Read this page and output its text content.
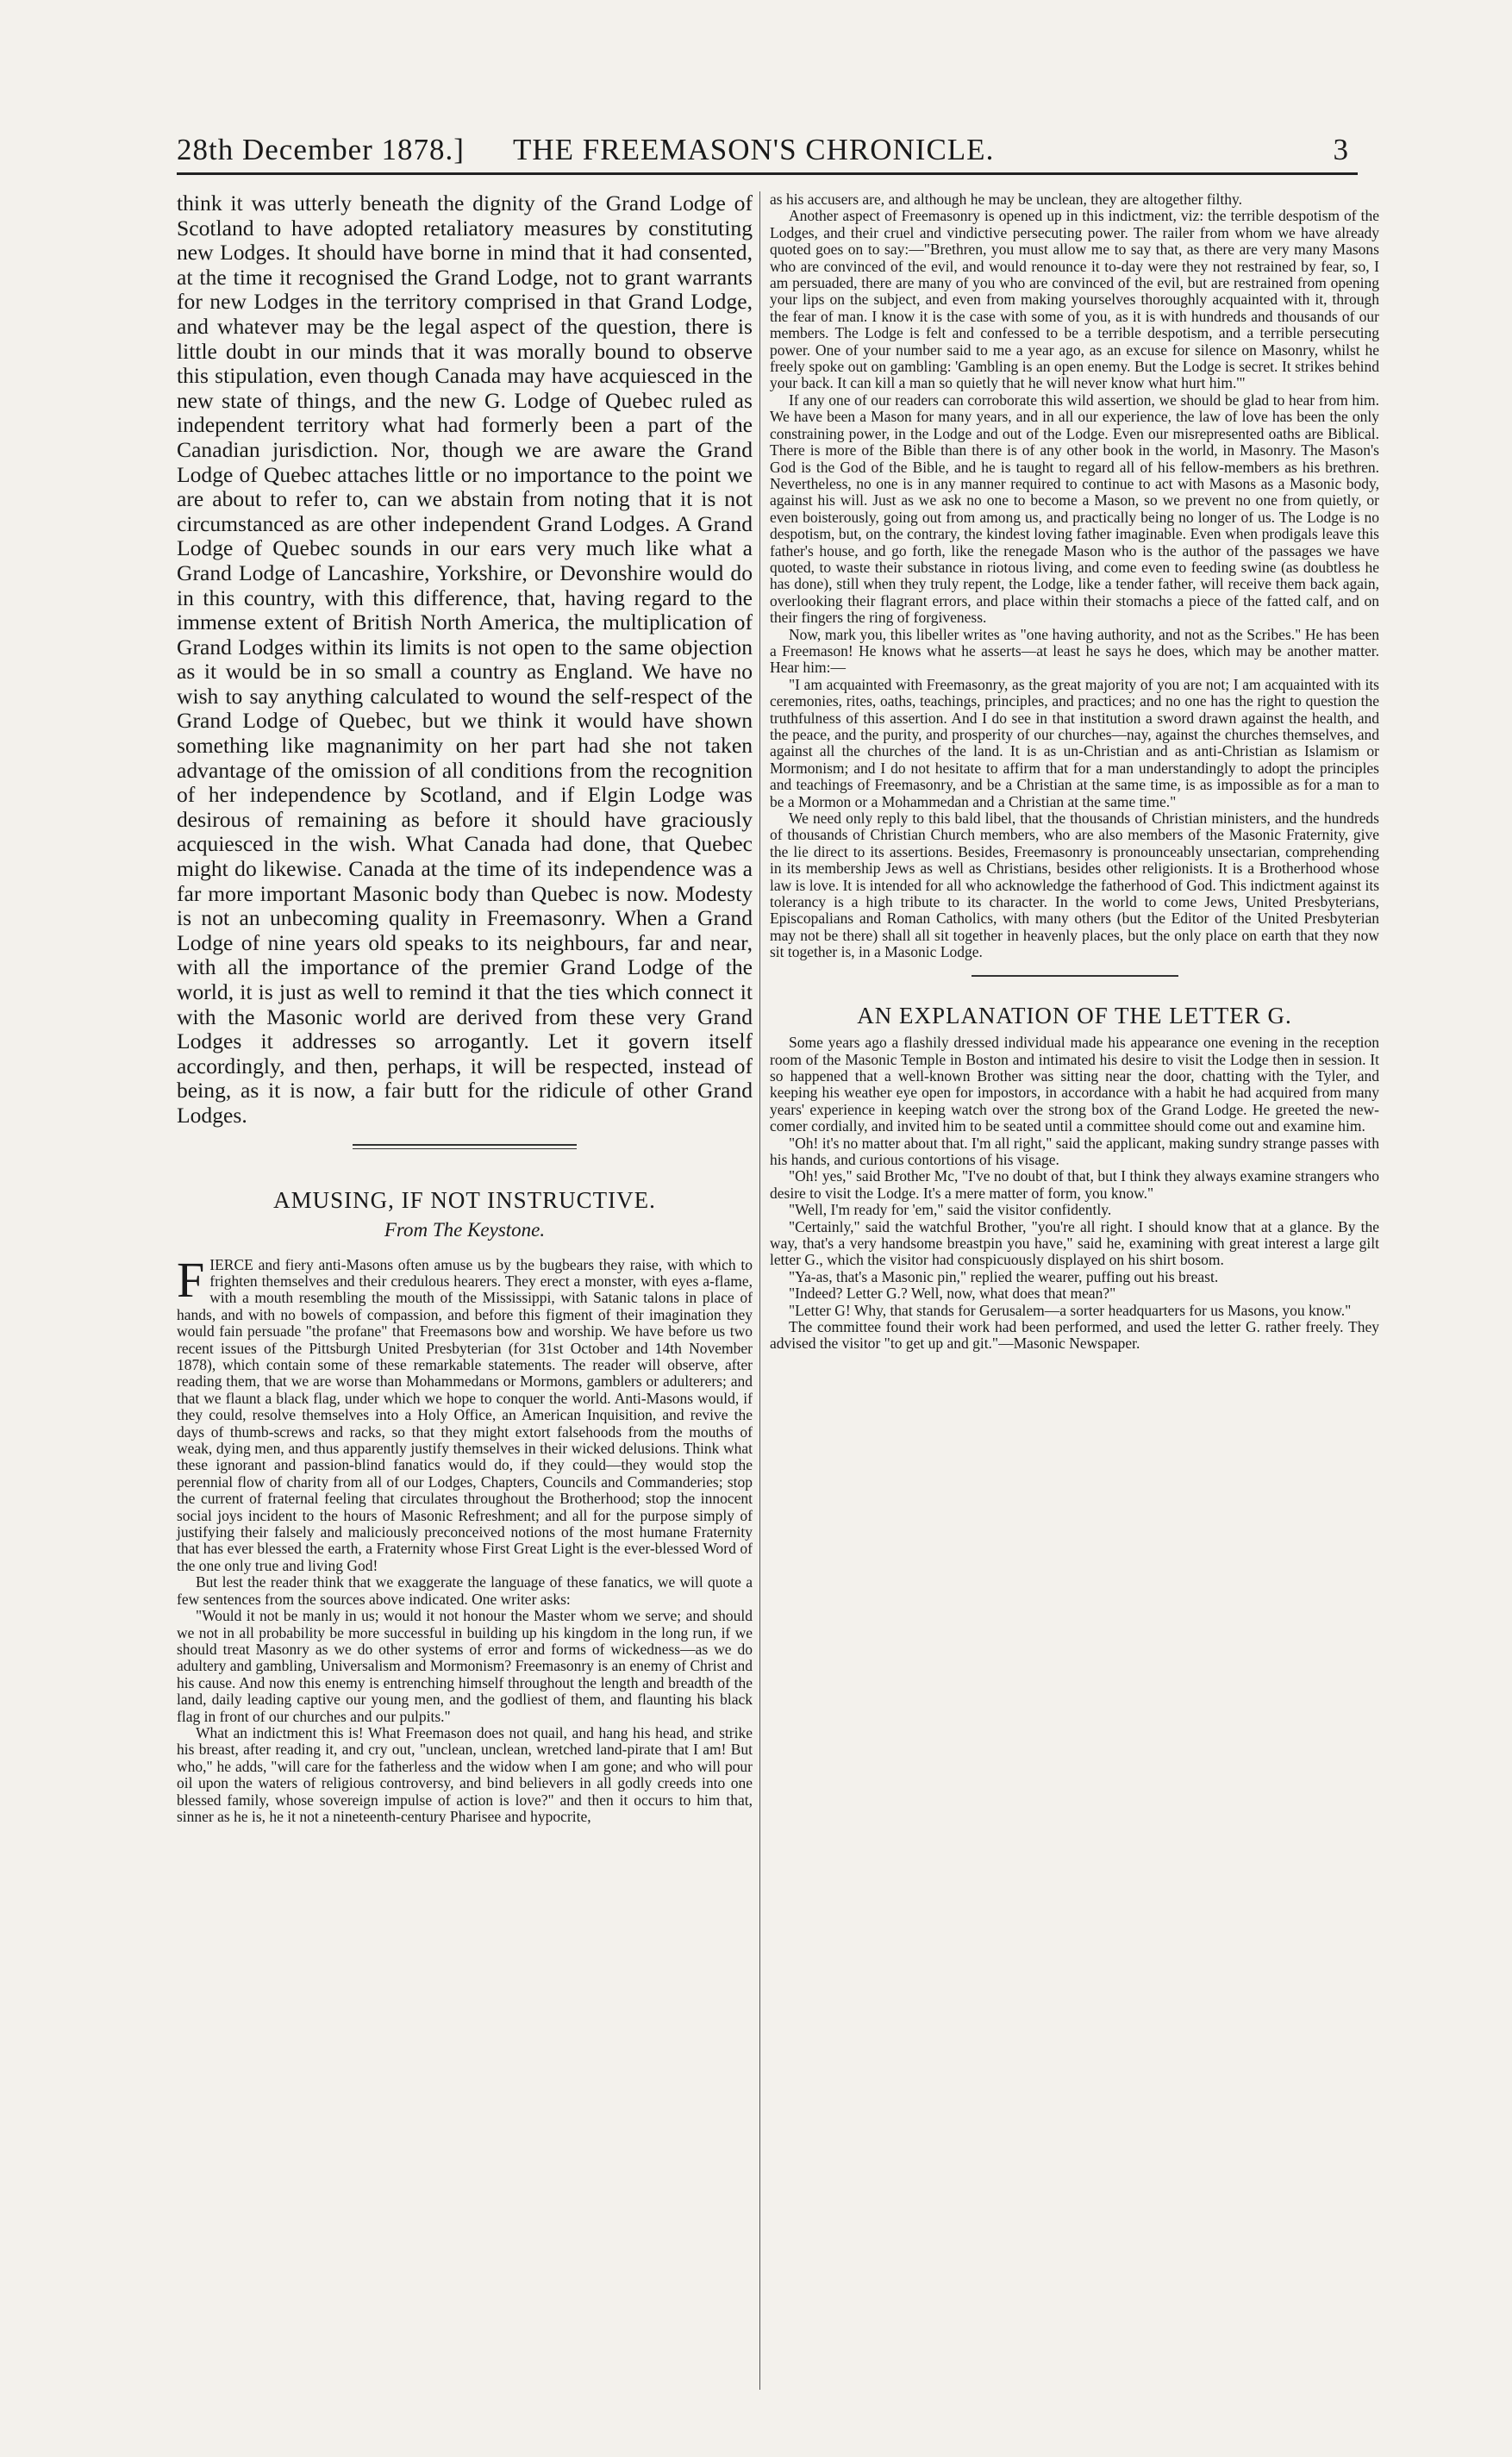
28th December 1878.] THE FREEMASON'S CHRONICLE.	3

think it was utterly beneath the dignity of the Grand Lodge of Scotland to have adopted retaliatory measures by constituting new Lodges. It should have borne in mind that it had consented, at the time it recognised the Grand Lodge, not to grant warrants for new Lodges in the territory comprised in that Grand Lodge, and whatever may be the legal aspect of the question, there is little doubt in our minds that it was morally bound to observe this stipulation, even though Canada may have acquiesced in the new state of things, and the new G. Lodge of Quebec ruled as independent territory what had formerly been a part of the Canadian jurisdiction. Nor, though we are aware the Grand Lodge of Quebec attaches little or no importance to the point we are about to refer to, can we abstain from noting that it is not circumstanced as are other independent Grand Lodges. A Grand Lodge of Quebec sounds in our ears very much like what a Grand Lodge of Lancashire, Yorkshire, or Devonshire would do in this country, with this difference, that, having regard to the immense extent of British North America, the multiplication of Grand Lodges within its limits is not open to the same objection as it would be in so small a country as England. We have no wish to say anything calculated to wound the self-respect of the Grand Lodge of Quebec, but we think it would have shown something like magnanimity on her part had she not taken advantage of the omission of all conditions from the recognition of her independence by Scotland, and if Elgin Lodge was desirous of remaining as before it should have graciously acquiesced in the wish. What Canada had done, that Quebec might do likewise. Canada at the time of its independence was a far more important Masonic body than Quebec is now. Modesty is not an unbecoming quality in Freemasonry. When a Grand Lodge of nine years old speaks to its neighbours, far and near, with all the importance of the premier Grand Lodge of the world, it is just as well to remind it that the ties which connect it with the Masonic world are derived from these very Grand Lodges it addresses so arrogantly. Let it govern itself accordingly, and then, perhaps, it will be respected, instead of being, as it is now, a fair butt for the ridicule of other Grand Lodges.

AMUSING, IF NOT INSTRUCTIVE.
From The Keystone.

FIERCE and fiery anti-Masons often amuse us by the bugbears they raise, with which to frighten themselves and their credulous hearers. They erect a monster, with eyes a-flame, with a mouth resembling the mouth of the Mississippi, with Satanic talons in place of hands, and with no bowels of compassion, and before this figment of their imagination they would fain persuade "the profane" that Freemasons bow and worship. We have before us two recent issues of the Pittsburgh United Presbyterian (for 31st October and 14th November 1878), which contain some of these remarkable statements. The reader will observe, after reading them, that we are worse than Mohammedans or Mormons, gamblers or adulterers; and that we flaunt a black flag, under which we hope to conquer the world. Anti-Masons would, if they could, resolve themselves into a Holy Office, an American Inquisition, and revive the days of thumb-screws and racks, so that they might extort falsehoods from the mouths of weak, dying men, and thus apparently justify themselves in their wicked delusions. Think what these ignorant and passion-blind fanatics would do, if they could—they would stop the perennial flow of charity from all of our Lodges, Chapters, Councils and Commanderies; stop the current of fraternal feeling that circulates throughout the Brotherhood; stop the innocent social joys incident to the hours of Masonic Refreshment; and all for the purpose simply of justifying their falsely and maliciously preconceived notions of the most humane Fraternity that has ever blessed the earth, a Fraternity whose First Great Light is the ever-blessed Word of the one only true and living God!

But lest the reader think that we exaggerate the language of these fanatics, we will quote a few sentences from the sources above indicated. One writer asks:

"Would it not be manly in us; would it not honour the Master whom we serve; and should we not in all probability be more successful in building up his kingdom in the long run, if we should treat Masonry as we do other systems of error and forms of wickedness—as we do adultery and gambling, Universalism and Mormonism? Freemasonry is an enemy of Christ and his cause. And now this enemy is entrenching himself throughout the length and breadth of the land, daily leading captive our young men, and the godliest of them, and flaunting his black flag in front of our churches and our pulpits."

What an indictment this is! What Freemason does not quail, and hang his head, and strike his breast, after reading it, and cry out, "unclean, unclean, wretched land-pirate that I am! But who," he adds, "will care for the fatherless and the widow when I am gone; and who will pour oil upon the waters of religious controversy, and bind believers in all godly creeds into one blessed family, whose sovereign impulse of action is love?" and then it occurs to him that, sinner as he is, he it not a nineteenth-century Pharisee and hypocrite,

as his accusers are, and although he may be unclean, they are altogether filthy.

Another aspect of Freemasonry is opened up in this indictment, viz: the terrible despotism of the Lodges, and their cruel and vindictive persecuting power. The railer from whom we have already quoted goes on to say:—"Brethren, you must allow me to say that, as there are very many Masons who are convinced of the evil, and would renounce it to-day were they not restrained by fear, so, I am persuaded, there are many of you who are convinced of the evil, but are restrained from opening your lips on the subject, and even from making yourselves thoroughly acquainted with it, through the fear of man. I know it is the case with some of you, as it is with hundreds and thousands of our members. The Lodge is felt and confessed to be a terrible despotism, and a terrible persecuting power. One of your number said to me a year ago, as an excuse for silence on Masonry, whilst he freely spoke out on gambling: 'Gambling is an open enemy. But the Lodge is secret. It strikes behind your back. It can kill a man so quietly that he will never know what hurt him.'"

If any one of our readers can corroborate this wild assertion, we should be glad to hear from him. We have been a Mason for many years, and in all our experience, the law of love has been the only constraining power, in the Lodge and out of the Lodge. Even our misrepresented oaths are Biblical. There is more of the Bible than there is of any other book in the world, in Masonry. The Mason's God is the God of the Bible, and he is taught to regard all of his fellow-members as his brethren. Nevertheless, no one is in any manner required to continue to act with Masons as a Masonic body, against his will. Just as we ask no one to become a Mason, so we prevent no one from quietly, or even boisterously, going out from among us, and practically being no longer of us. The Lodge is no despotism, but, on the contrary, the kindest loving father imaginable. Even when prodigals leave this father's house, and go forth, like the renegade Mason who is the author of the passages we have quoted, to waste their substance in riotous living, and come even to feeding swine (as doubtless he has done), still when they truly repent, the Lodge, like a tender father, will receive them back again, overlooking their flagrant errors, and place within their stomachs a piece of the fatted calf, and on their fingers the ring of forgiveness.

Now, mark you, this libeller writes as "one having authority, and not as the Scribes." He has been a Freemason! He knows what he asserts—at least he says he does, which may be another matter. Hear him:—

"I am acquainted with Freemasonry, as the great majority of you are not; I am acquainted with its ceremonies, rites, oaths, teachings, principles, and practices; and no one has the right to question the truthfulness of this assertion. And I do see in that institution a sword drawn against the health, and the peace, and the purity, and prosperity of our churches—nay, against the churches themselves, and against all the churches of the land. It is as un-Christian and as anti-Christian as Islamism or Mormonism; and I do not hesitate to affirm that for a man understandingly to adopt the principles and teachings of Freemasonry, and be a Christian at the same time, is as impossible as for a man to be a Mormon or a Mohammedan and a Christian at the same time."

We need only reply to this bald libel, that the thousands of Christian ministers, and the hundreds of thousands of Christian Church members, who are also members of the Masonic Fraternity, give the lie direct to its assertions. Besides, Freemasonry is pronounceably unsectarian, comprehending in its membership Jews as well as Christians, besides other religionists. It is a Brotherhood whose law is love. It is intended for all who acknowledge the fatherhood of God. This indictment against its tolerancy is a high tribute to its character. In the world to come Jews, United Presbyterians, Episcopalians and Roman Catholics, with many others (but the Editor of the United Presbyterian may not be there) shall all sit together in heavenly places, but the only place on earth that they now sit together is, in a Masonic Lodge.

AN EXPLANATION OF THE LETTER G.

Some years ago a flashily dressed individual made his appearance one evening in the reception room of the Masonic Temple in Boston and intimated his desire to visit the Lodge then in session. It so happened that a well-known Brother was sitting near the door, chatting with the Tyler, and keeping his weather eye open for impostors, in accordance with a habit he had acquired from many years' experience in keeping watch over the strong box of the Grand Lodge. He greeted the new-comer cordially, and invited him to be seated until a committee should come out and examine him.

"Oh! it's no matter about that. I'm all right," said the applicant, making sundry strange passes with his hands, and curious contortions of his visage.

"Oh! yes," said Brother Mc, "I've no doubt of that, but I think they always examine strangers who desire to visit the Lodge. It's a mere matter of form, you know."

"Well, I'm ready for 'em," said the visitor confidently.

"Certainly," said the watchful Brother, "you're all right. I should know that at a glance. By the way, that's a very handsome breastpin you have," said he, examining with great interest a large gilt letter G., which the visitor had conspicuously displayed on his shirt bosom.

"Ya-as, that's a Masonic pin," replied the wearer, puffing out his breast.

"Indeed? Letter G.? Well, now, what does that mean?"

"Letter G! Why, that stands for Gerusalem—a sorter headquarters for us Masons, you know."

The committee found their work had been performed, and used the letter G. rather freely. They advised the visitor "to get up and git."—Masonic Newspaper.
